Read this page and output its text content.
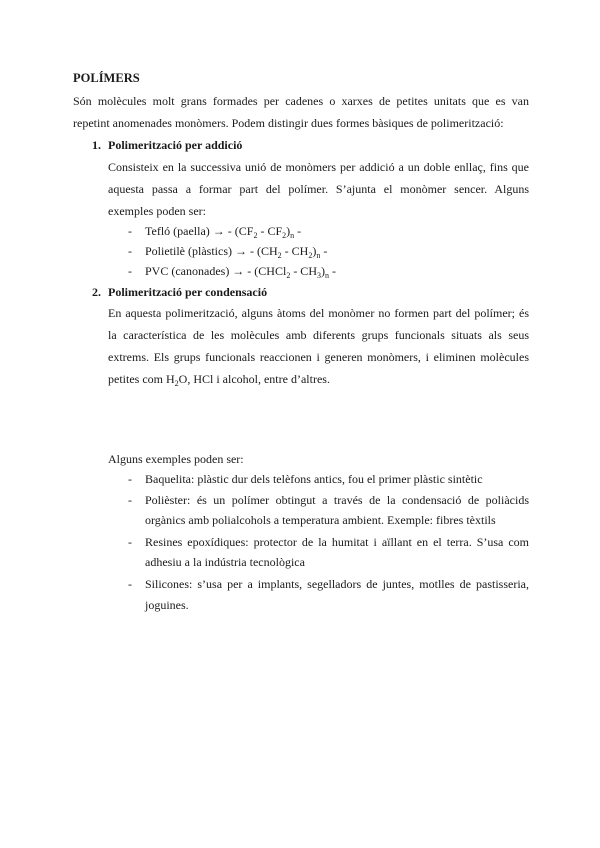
POLÍMERS
Són molècules molt grans formades per cadenes o xarxes de petites unitats que es van
repetint anomenades monòmers. Podem distingir dues formes bàsiques de polimerització:
1. Polimerització per addició
Consisteix en la successiva unió de monòmers per addició a un doble enllaç, fins que
aquesta passa a formar part del polímer. S’ajunta el monòmer sencer. Alguns
exemples poden ser:
- Tefló (paella) → - $(CF_2 - CF_2)_n$ -
- Polietilè (plàstics) → - $(CH_2 - CH_2)_n$ -
- PVC (canonades) → - (CHCl$_2$ - $CH_3)_n$ -
2. Polimerització per condensació
En aquesta polimerització, alguns àtoms del monòmer no formen part del polímer; és
la característica de les molècules amb diferents grups funcionals situats als seus
extrems. Els grups funcionals reaccionen i generen monòmers, i eliminen molècules
petites com $H_2O$, HCl i alcohol, entre d’altres.
Alguns exemples poden ser:
- Baquelita: plàstic dur dels telèfons antics, fou el primer plàstic sintètic
- Polièster: és un polímer obtingut a través de la condensació de poliàcids
orgànics amb polialcohols a temperatura ambient. Exemple: fibres tèxtils
- Resines epoxídiques: protector de la humitat i aïllant en el terra. S’usa com
adhesiu a la indústria tecnològica
- Silicones: s’usa per a implants, segelladors de juntes, motlles de pastisseria,
joguines.
